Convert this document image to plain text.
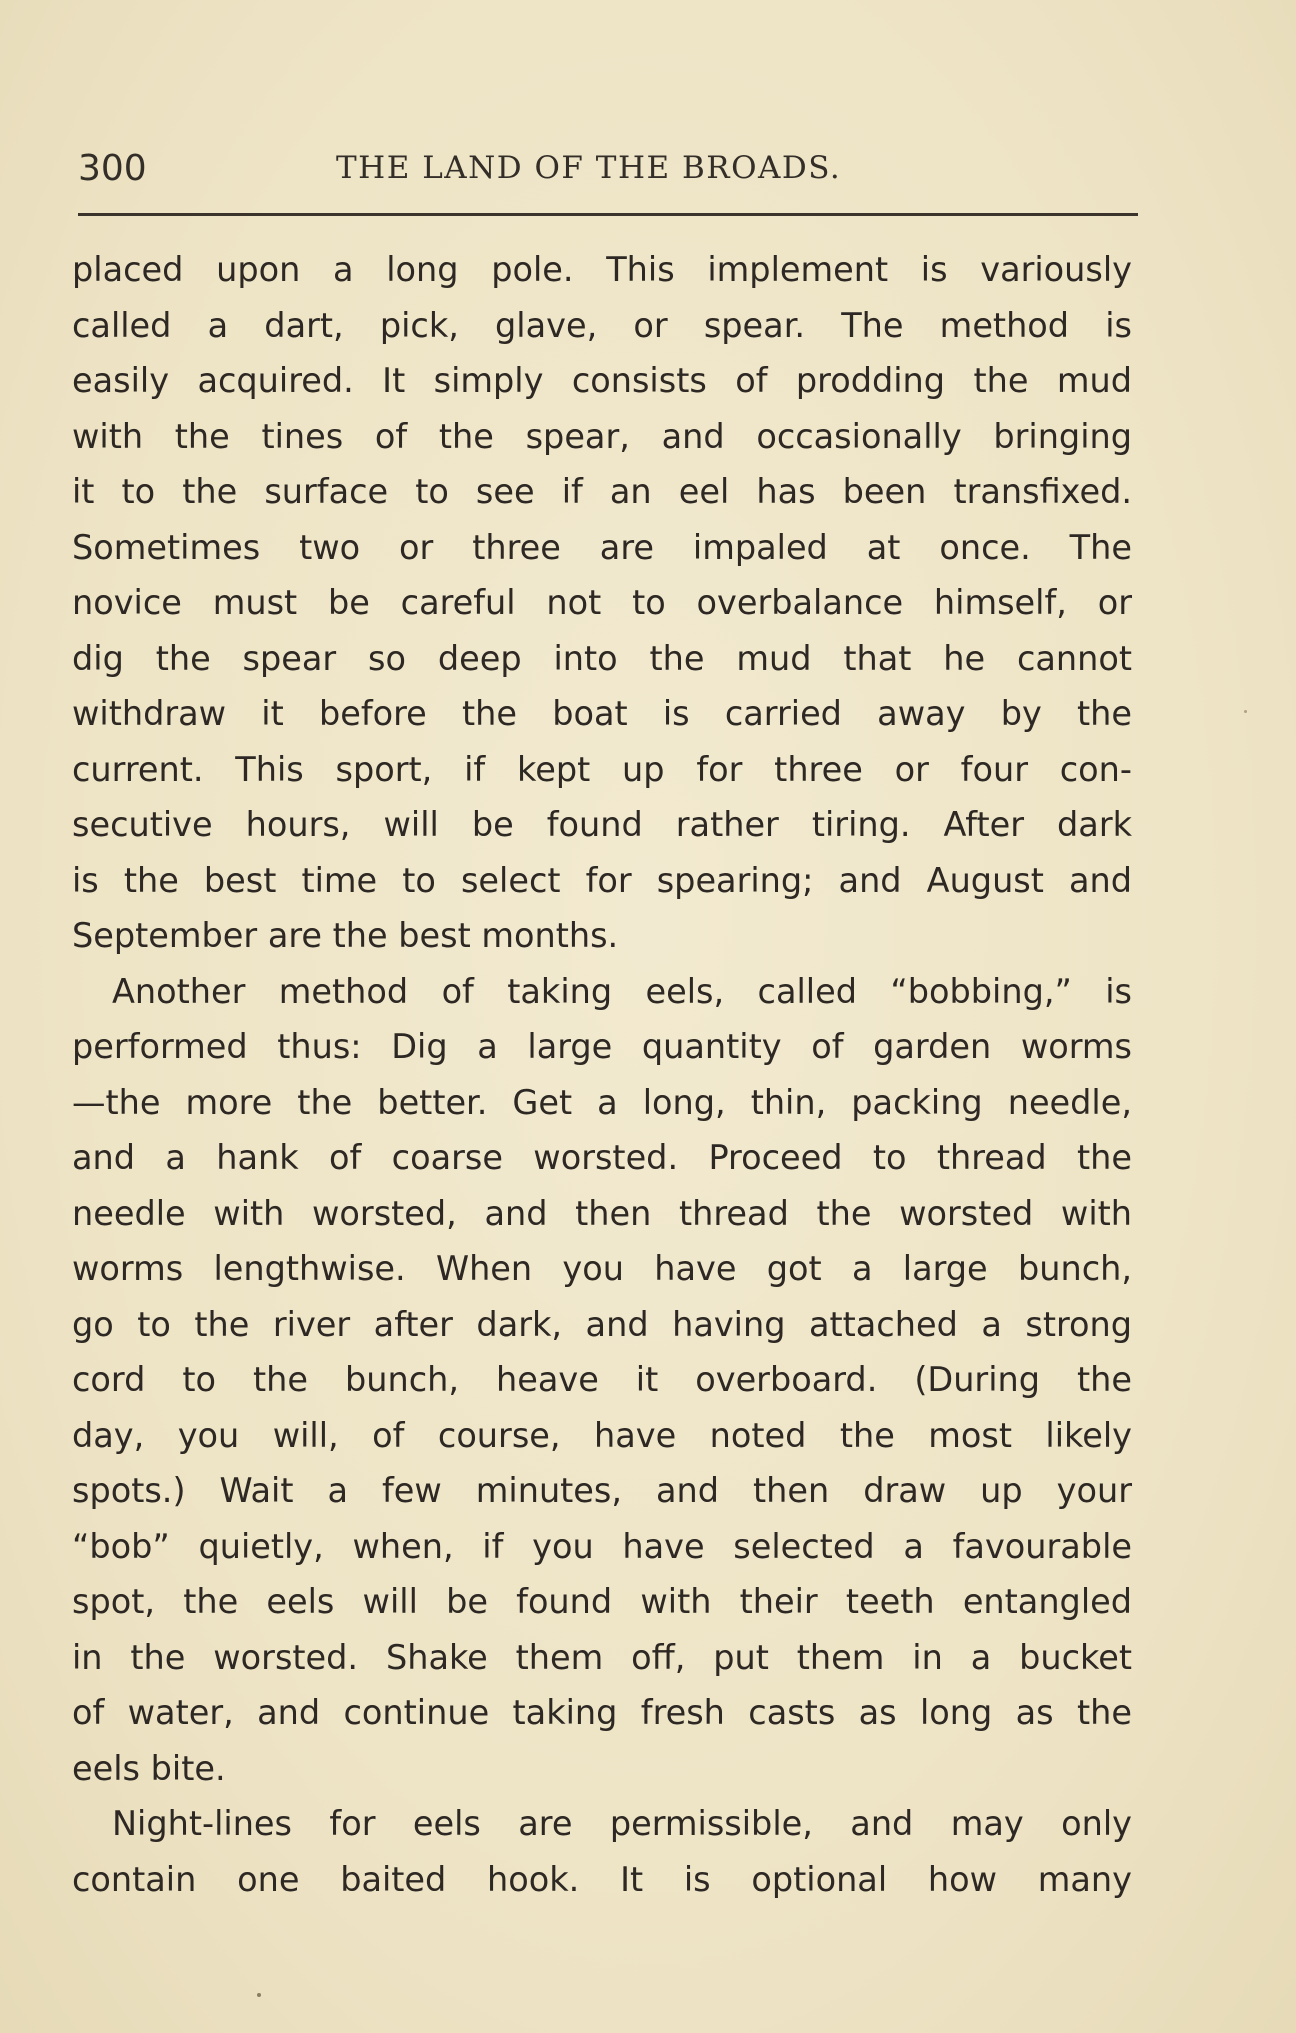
300	THE LAND OF THE BROADS.
placed upon a long pole. This implement is variously
called a dart, pick, glave, or spear. The method is
easily acquired. It simply consists of prodding the mud
with the tines of the spear, and occasionally bringing
it to the surface to see if an eel has been transfixed.
Sometimes two or three are impaled at once. The
novice must be careful not to overbalance himself, or
dig the spear so deep into the mud that he cannot
withdraw it before the boat is carried away by the
current. This sport, if kept up for three or four con-
secutive hours, will be found rather tiring. After dark
is the best time to select for spearing; and August and
September are the best months.
Another method of taking eels, called “bobbing,” is
performed thus: Dig a large quantity of garden worms
—the more the better. Get a long, thin, packing needle,
and a hank of coarse worsted. Proceed to thread the
needle with worsted, and then thread the worsted with
worms lengthwise. When you have got a large bunch,
go to the river after dark, and having attached a strong
cord to the bunch, heave it overboard. (During the
day, you will, of course, have noted the most likely
spots.) Wait a few minutes, and then draw up your
“bob” quietly, when, if you have selected a favourable
spot, the eels will be found with their teeth entangled
in the worsted. Shake them off, put them in a bucket
of water, and continue taking fresh casts as long as the
eels bite.
Night-lines for eels are permissible, and may only
contain one baited hook. It is optional how many
